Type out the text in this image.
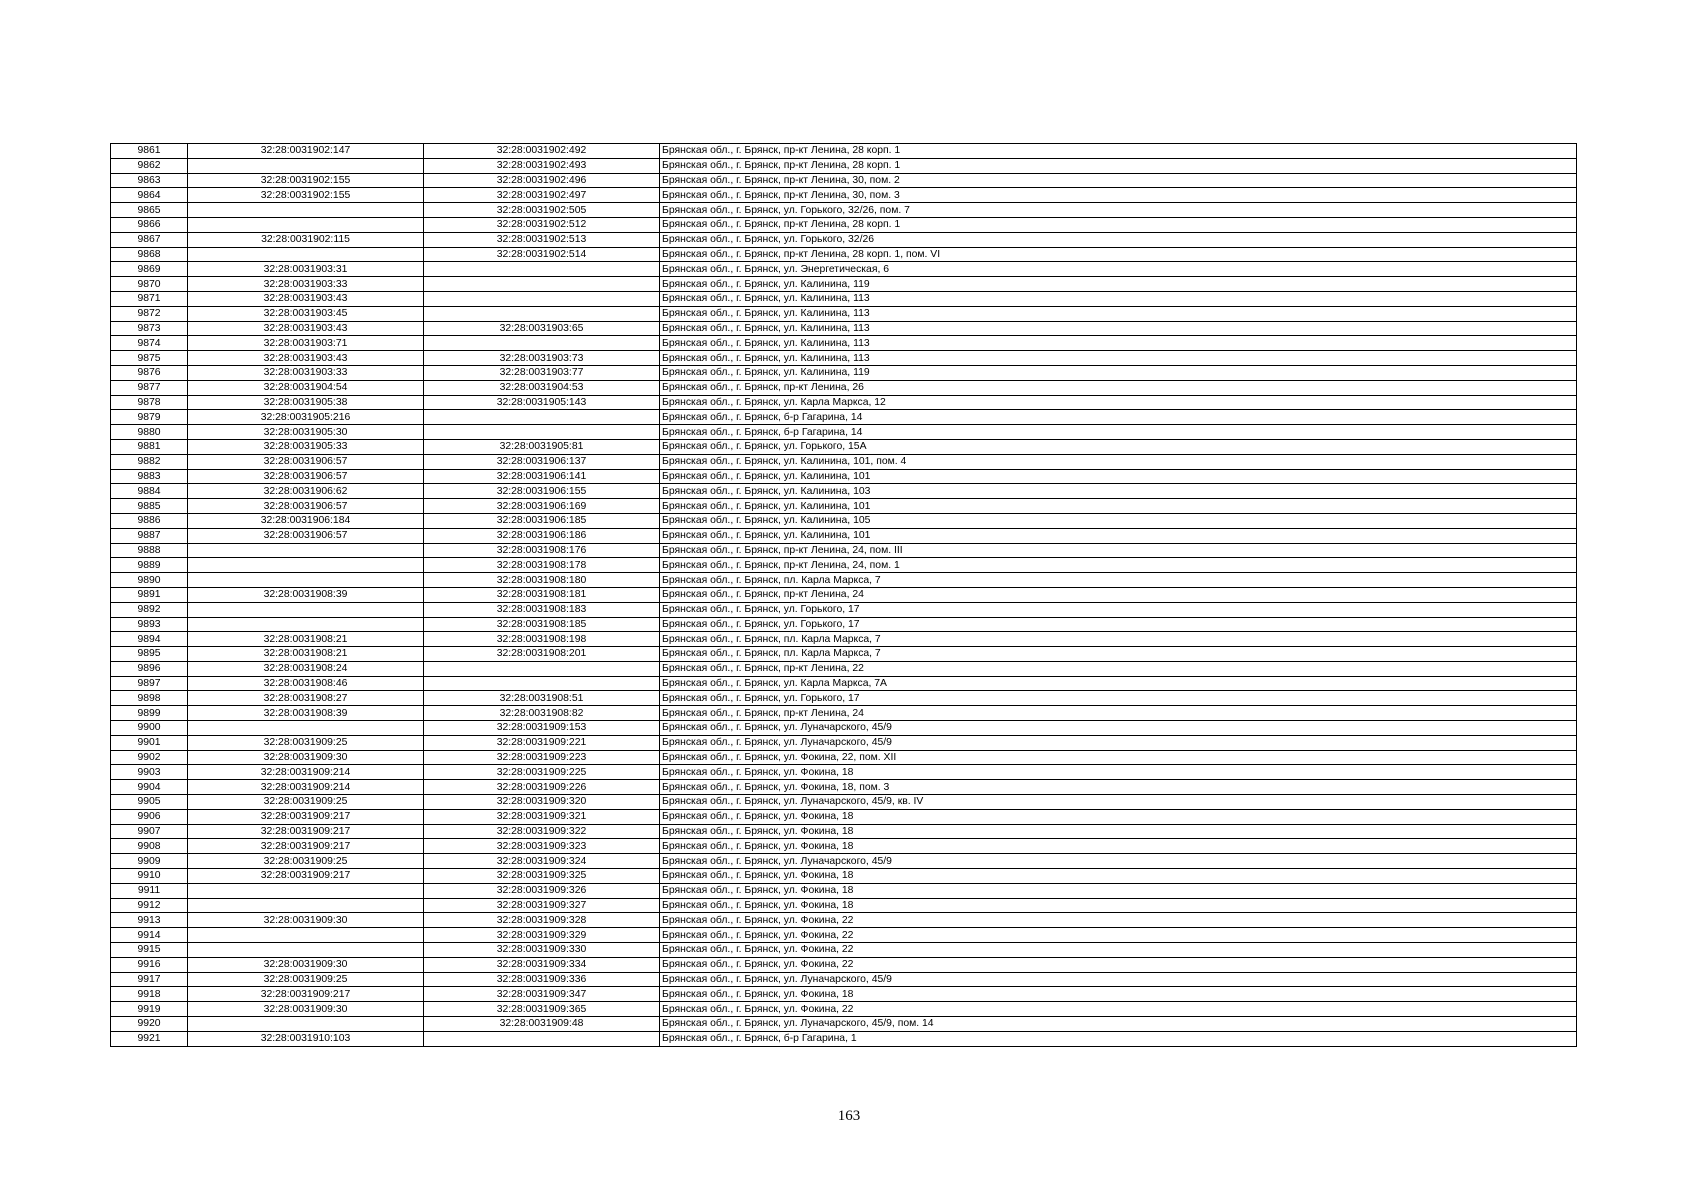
9861	32:28:0031902:147	32:28:0031902:492	Брянская обл., г. Брянск, пр-кт Ленина, 28 корп. 1
9862		32:28:0031902:493	Брянская обл., г. Брянск, пр-кт Ленина, 28 корп. 1
9863	32:28:0031902:155	32:28:0031902:496	Брянская обл., г. Брянск, пр-кт Ленина, 30, пом. 2
9864	32:28:0031902:155	32:28:0031902:497	Брянская обл., г. Брянск, пр-кт Ленина, 30, пом. 3
9865		32:28:0031902:505	Брянская обл., г. Брянск, ул. Горького, 32/26, пом. 7
9866		32:28:0031902:512	Брянская обл., г. Брянск, пр-кт Ленина, 28 корп. 1
9867	32:28:0031902:115	32:28:0031902:513	Брянская обл., г. Брянск, ул. Горького, 32/26
9868		32:28:0031902:514	Брянская обл., г. Брянск, пр-кт Ленина, 28 корп. 1, пом. VI
9869	32:28:0031903:31		Брянская обл., г. Брянск, ул. Энергетическая, 6
9870	32:28:0031903:33		Брянская обл., г. Брянск, ул. Калинина, 119
9871	32:28:0031903:43		Брянская обл., г. Брянск, ул. Калинина, 113
9872	32:28:0031903:45		Брянская обл., г. Брянск, ул. Калинина, 113
9873	32:28:0031903:43	32:28:0031903:65	Брянская обл., г. Брянск, ул. Калинина, 113
9874	32:28:0031903:71		Брянская обл., г. Брянск, ул. Калинина, 113
9875	32:28:0031903:43	32:28:0031903:73	Брянская обл., г. Брянск, ул. Калинина, 113
9876	32:28:0031903:33	32:28:0031903:77	Брянская обл., г. Брянск, ул. Калинина, 119
9877	32:28:0031904:54	32:28:0031904:53	Брянская обл., г. Брянск, пр-кт Ленина, 26
9878	32:28:0031905:38	32:28:0031905:143	Брянская обл., г. Брянск, ул. Карла Маркса, 12
9879	32:28:0031905:216		Брянская обл., г. Брянск, б-р Гагарина, 14
9880	32:28:0031905:30		Брянская обл., г. Брянск, б-р Гагарина, 14
9881	32:28:0031905:33	32:28:0031905:81	Брянская обл., г. Брянск, ул. Горького, 15А
9882	32:28:0031906:57	32:28:0031906:137	Брянская обл., г. Брянск, ул. Калинина, 101, пом. 4
9883	32:28:0031906:57	32:28:0031906:141	Брянская обл., г. Брянск, ул. Калинина, 101
9884	32:28:0031906:62	32:28:0031906:155	Брянская обл., г. Брянск, ул. Калинина, 103
9885	32:28:0031906:57	32:28:0031906:169	Брянская обл., г. Брянск, ул. Калинина, 101
9886	32:28:0031906:184	32:28:0031906:185	Брянская обл., г. Брянск, ул. Калинина, 105
9887	32:28:0031906:57	32:28:0031906:186	Брянская обл., г. Брянск, ул. Калинина, 101
9888		32:28:0031908:176	Брянская обл., г. Брянск, пр-кт Ленина, 24, пом. III
9889		32:28:0031908:178	Брянская обл., г. Брянск, пр-кт Ленина, 24, пом. 1
9890		32:28:0031908:180	Брянская обл., г. Брянск, пл. Карла Маркса, 7
9891	32:28:0031908:39	32:28:0031908:181	Брянская обл., г. Брянск, пр-кт Ленина, 24
9892		32:28:0031908:183	Брянская обл., г. Брянск, ул. Горького, 17
9893		32:28:0031908:185	Брянская обл., г. Брянск, ул. Горького, 17
9894	32:28:0031908:21	32:28:0031908:198	Брянская обл., г. Брянск, пл. Карла Маркса, 7
9895	32:28:0031908:21	32:28:0031908:201	Брянская обл., г. Брянск, пл. Карла Маркса, 7
9896	32:28:0031908:24		Брянская обл., г. Брянск, пр-кт Ленина, 22
9897	32:28:0031908:46		Брянская обл., г. Брянск, ул. Карла Маркса, 7А
9898	32:28:0031908:27	32:28:0031908:51	Брянская обл., г. Брянск, ул. Горького, 17
9899	32:28:0031908:39	32:28:0031908:82	Брянская обл., г. Брянск, пр-кт Ленина, 24
9900		32:28:0031909:153	Брянская обл., г. Брянск, ул. Луначарского, 45/9
9901	32:28:0031909:25	32:28:0031909:221	Брянская обл., г. Брянск, ул. Луначарского, 45/9
9902	32:28:0031909:30	32:28:0031909:223	Брянская обл., г. Брянск, ул. Фокина, 22, пом. XII
9903	32:28:0031909:214	32:28:0031909:225	Брянская обл., г. Брянск, ул. Фокина, 18
9904	32:28:0031909:214	32:28:0031909:226	Брянская обл., г. Брянск, ул. Фокина, 18, пом. 3
9905	32:28:0031909:25	32:28:0031909:320	Брянская обл., г. Брянск, ул. Луначарского, 45/9, кв. IV
9906	32:28:0031909:217	32:28:0031909:321	Брянская обл., г. Брянск, ул. Фокина, 18
9907	32:28:0031909:217	32:28:0031909:322	Брянская обл., г. Брянск, ул. Фокина, 18
9908	32:28:0031909:217	32:28:0031909:323	Брянская обл., г. Брянск, ул. Фокина, 18
9909	32:28:0031909:25	32:28:0031909:324	Брянская обл., г. Брянск, ул. Луначарского, 45/9
9910	32:28:0031909:217	32:28:0031909:325	Брянская обл., г. Брянск, ул. Фокина, 18
9911		32:28:0031909:326	Брянская обл., г. Брянск, ул. Фокина, 18
9912		32:28:0031909:327	Брянская обл., г. Брянск, ул. Фокина, 18
9913	32:28:0031909:30	32:28:0031909:328	Брянская обл., г. Брянск, ул. Фокина, 22
9914		32:28:0031909:329	Брянская обл., г. Брянск, ул. Фокина, 22
9915		32:28:0031909:330	Брянская обл., г. Брянск, ул. Фокина, 22
9916	32:28:0031909:30	32:28:0031909:334	Брянская обл., г. Брянск, ул. Фокина, 22
9917	32:28:0031909:25	32:28:0031909:336	Брянская обл., г. Брянск, ул. Луначарского, 45/9
9918	32:28:0031909:217	32:28:0031909:347	Брянская обл., г. Брянск, ул. Фокина, 18
9919	32:28:0031909:30	32:28:0031909:365	Брянская обл., г. Брянск, ул. Фокина, 22
9920		32:28:0031909:48	Брянская обл., г. Брянск, ул. Луначарского, 45/9, пом. 14
9921	32:28:0031910:103		Брянская обл., г. Брянск, б-р Гагарина, 1
163
